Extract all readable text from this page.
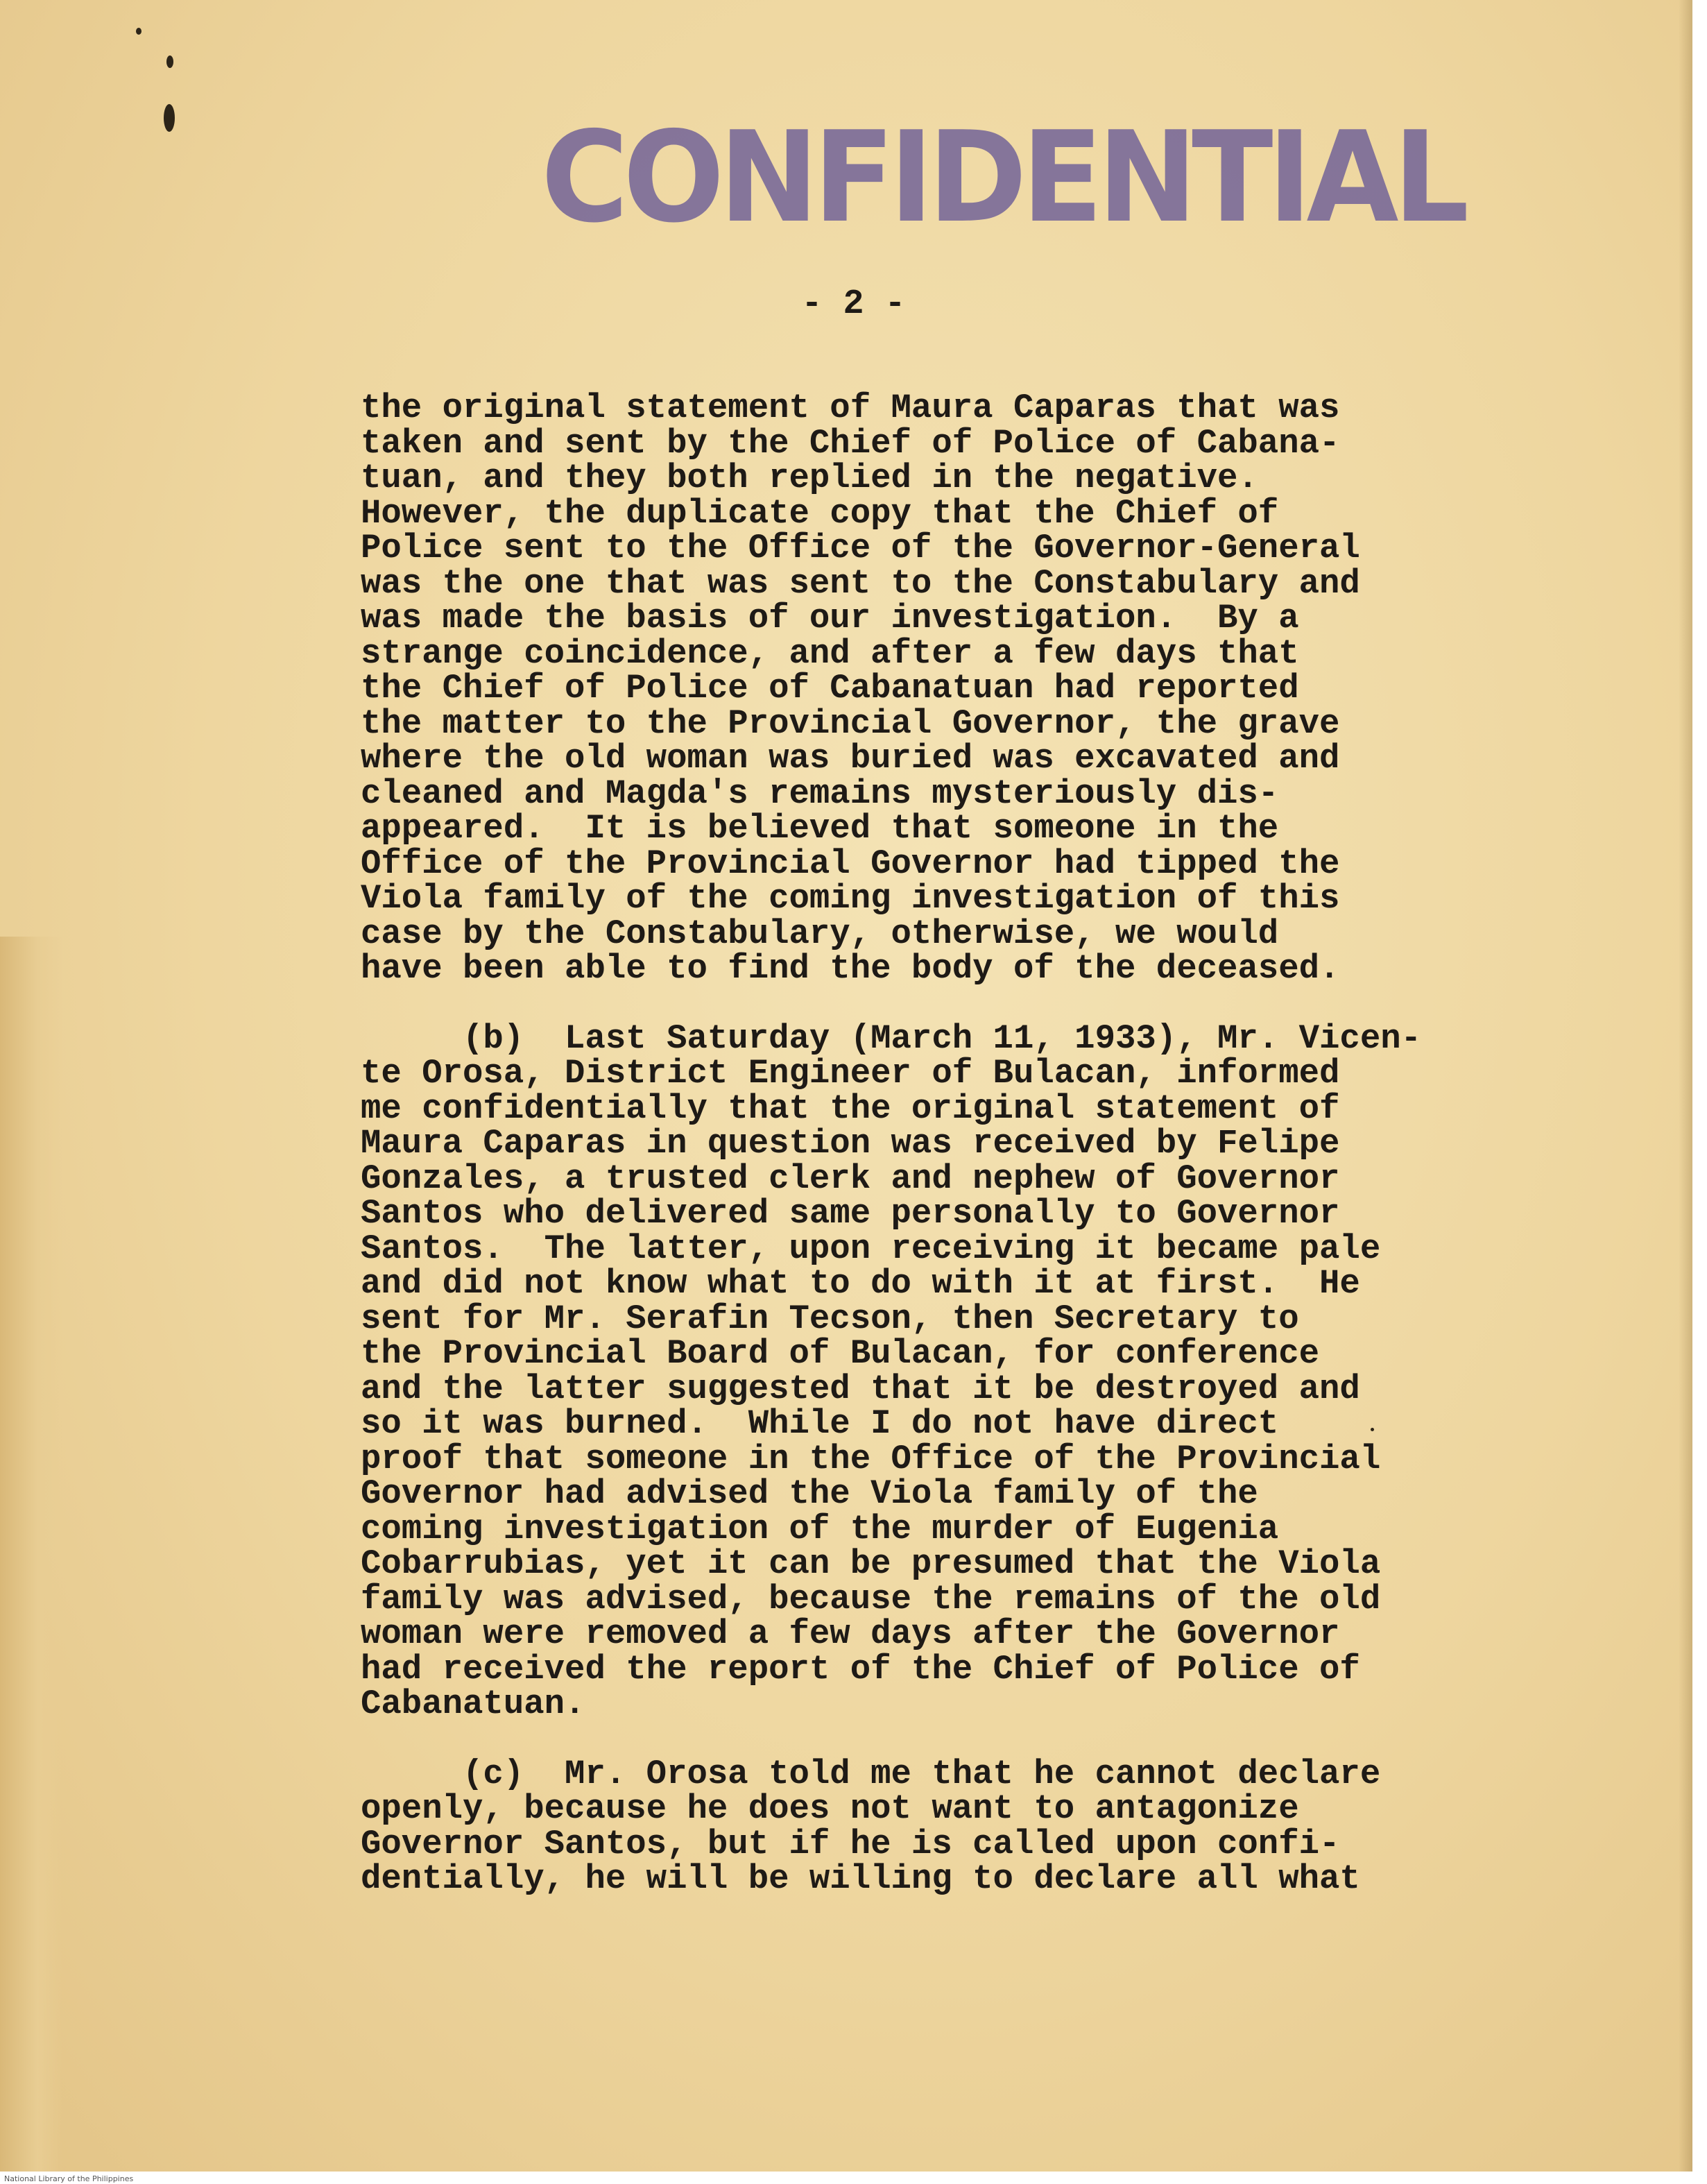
CONFIDENTIAL
- 2 -
the original statement of Maura Caparas that was
taken and sent by the Chief of Police of Cabana-
tuan, and they both replied in the negative.
However, the duplicate copy that the Chief of
Police sent to the Office of the Governor-General
was the one that was sent to the Constabulary and
was made the basis of our investigation.  By a
strange coincidence, and after a few days that
the Chief of Police of Cabanatuan had reported
the matter to the Provincial Governor, the grave
where the old woman was buried was excavated and
cleaned and Magda's remains mysteriously dis-
appeared.  It is believed that someone in the
Office of the Provincial Governor had tipped the
Viola family of the coming investigation of this
case by the Constabulary, otherwise, we would
have been able to find the body of the deceased.
(b)  Last Saturday (March 11, 1933), Mr. Vicen-
te Orosa, District Engineer of Bulacan, informed
me confidentially that the original statement of
Maura Caparas in question was received by Felipe
Gonzales, a trusted clerk and nephew of Governor
Santos who delivered same personally to Governor
Santos.  The latter, upon receiving it became pale
and did not know what to do with it at first.  He
sent for Mr. Serafin Tecson, then Secretary to
the Provincial Board of Bulacan, for conference
and the latter suggested that it be destroyed and
so it was burned.  While I do not have direct
proof that someone in the Office of the Provincial
Governor had advised the Viola family of the
coming investigation of the murder of Eugenia
Cobarrubias, yet it can be presumed that the Viola
family was advised, because the remains of the old
woman were removed a few days after the Governor
had received the report of the Chief of Police of
Cabanatuan.
(c)  Mr. Orosa told me that he cannot declare
openly, because he does not want to antagonize
Governor Santos, but if he is called upon confi-
dentially, he will be willing to declare all what
National Library of the Philippines
